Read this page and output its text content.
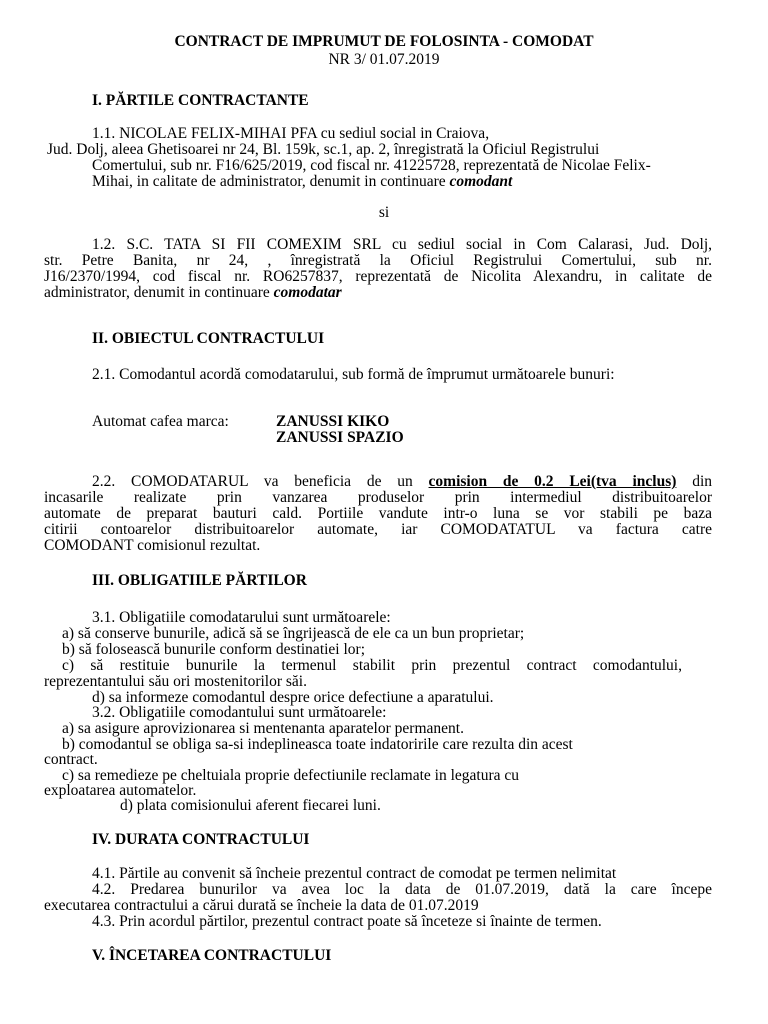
CONTRACT DE IMPRUMUT DE FOLOSINTA - COMODAT
NR 3/ 01.07.2019
I. PĂRTILE CONTRACTANTE
1.1. NICOLAE FELIX-MIHAI PFA cu sediul social in Craiova,
Jud. Dolj, aleea Ghetisoarei nr 24, Bl. 159k, sc.1, ap. 2, înregistrată la Oficiul Registrului
Comertului, sub nr. F16/625/2019, cod fiscal nr. 41225728, reprezentată de Nicolae Felix-
Mihai, in calitate de administrator, denumit in continuare comodant
si
1.2. S.C. TATA SI FII COMEXIM SRL cu sediul social in Com Calarasi, Jud. Dolj,
str. Petre Banita, nr 24, , înregistrată la Oficiul Registrului Comertului, sub nr.
J16/2370/1994, cod fiscal nr. RO6257837, reprezentată de Nicolita Alexandru, in calitate de
administrator, denumit in continuare comodatar
II. OBIECTUL CONTRACTULUI
2.1. Comodantul acordă comodatarului, sub formă de împrumut următoarele bunuri:
Automat cafea marca:	ZANUSSI KIKO
ZANUSSI SPAZIO
2.2. COMODATARUL va beneficia de un comision de 0.2 Lei(tva inclus) din
incasarile realizate prin vanzarea produselor prin intermediul distribuitoarelor
automate de preparat bauturi cald. Portiile vandute intr-o luna se vor stabili pe baza
citirii contoarelor distribuitoarelor automate, iar COMODATATUL va factura catre
COMODANT comisionul rezultat.
III. OBLIGATIILE PĂRTILOR
3.1. Obligatiile comodatarului sunt următoarele:
a) să conserve bunurile, adică să se îngrijească de ele ca un bun proprietar;
b) să folosească bunurile conform destinatiei lor;
c) să restituie bunurile la termenul stabilit prin prezentul contract comodantului,
reprezentantului său ori mostenitorilor săi.
d) sa informeze comodantul despre orice defectiune a aparatului.
3.2. Obligatiile comodantului sunt următoarele:
a) sa asigure aprovizionarea si mentenanta aparatelor permanent.
b) comodantul se obliga sa-si indeplineasca toate indatoririle care rezulta din acest
contract.
c) sa remedieze pe cheltuiala proprie defectiunile reclamate in legatura cu
exploatarea automatelor.
d) plata comisionului aferent fiecarei luni.
IV. DURATA CONTRACTULUI
4.1. Părtile au convenit să încheie prezentul contract de comodat pe termen nelimitat
4.2. Predarea bunurilor va avea loc la data de 01.07.2019, dată la care începe
executarea contractului a cărui durată se încheie la data de 01.07.2019
4.3. Prin acordul părtilor, prezentul contract poate să înceteze si înainte de termen.
V. ÎNCETAREA CONTRACTULUI
